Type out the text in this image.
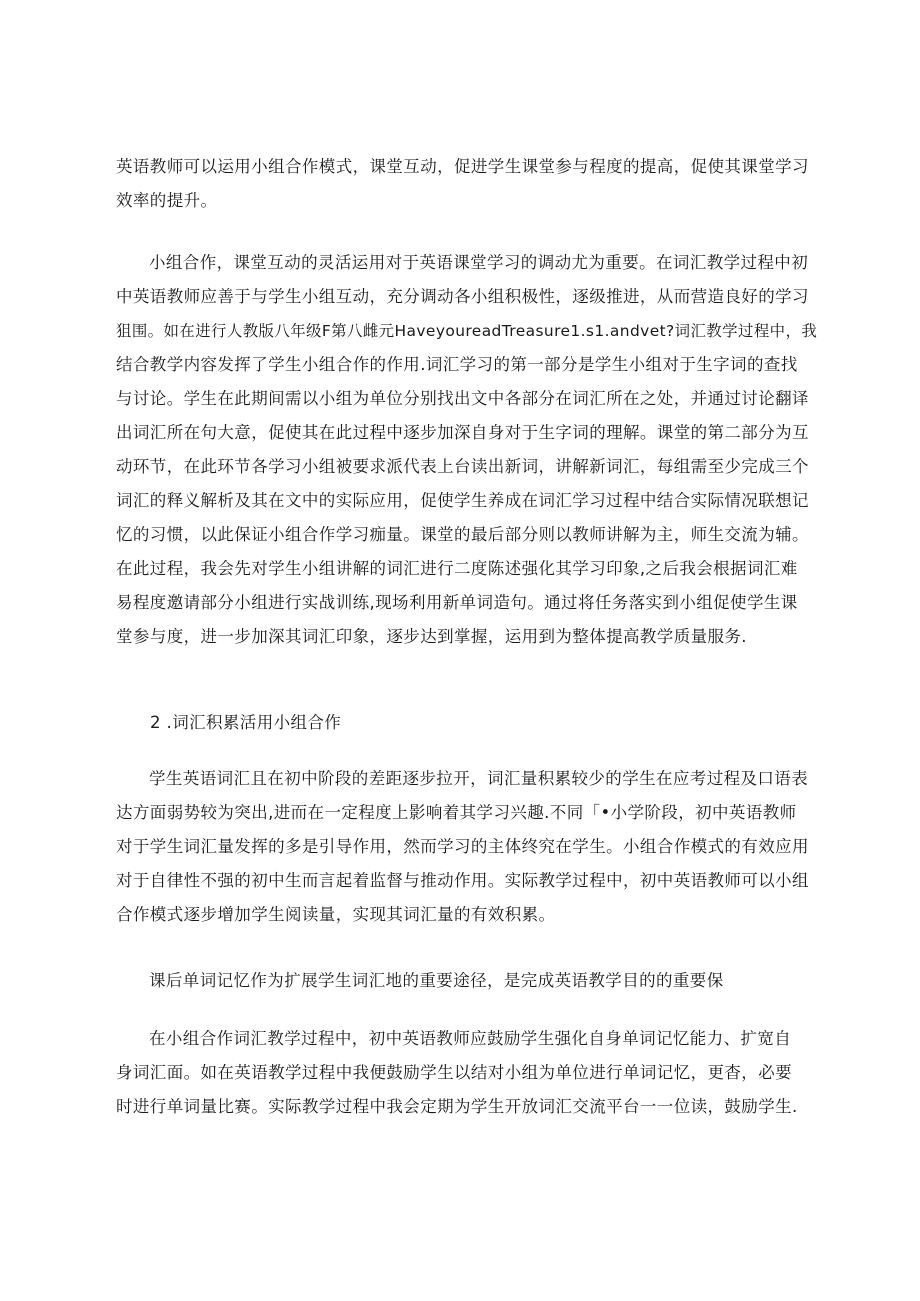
英语教师可以运用小组合作模式，课堂互动，促进学生课堂参与程度的提高，促使其课堂学习
效率的提升。

小组合作，课堂互动的灵活运用对于英语课堂学习的调动尤为重要。在词汇教学过程中初
中英语教师应善于与学生小组互动，充分调动各小组积极性，逐级推进，从而营造良好的学习
狙围。如在进行人教版八年级F第八雌元HaveyoureadTreasure1.s1.andvet?词汇教学过程中，我
结合教学内容发挥了学生小组合作的作用.词汇学习的第一部分是学生小组对于生字词的查找
与讨论。学生在此期间需以小组为单位分别找出文中各部分在词汇所在之处，并通过讨论翻译
出词汇所在句大意，促使其在此过程中逐步加深自身对于生字词的理解。课堂的第二部分为互
动环节，在此环节各学习小组被要求派代表上台读出新词，讲解新词汇，每组需至少完成三个
词汇的释义解析及其在文中的实际应用，促使学生养成在词汇学习过程中结合实际情况联想记
忆的习惯，以此保证小组合作学习痂量。课堂的最后部分则以教师讲解为主，师生交流为辅。
在此过程，我会先对学生小组讲解的词汇进行二度陈述强化其学习印象,之后我会根据词汇难
易程度邀请部分小组进行实战训练,现场利用新单词造句。通过将任务落实到小组促使学生课
堂参与度，进一步加深其词汇印象，逐步达到掌握，运用到为整体提高教学质量服务.

2 .词汇积累活用小组合作

学生英语词汇且在初中阶段的差距逐步拉开，词汇量积累较少的学生在应考过程及口语表
达方面弱势较为突出,进而在一定程度上影响着其学习兴趣.不同「•小学阶段，初中英语教师
对于学生词汇量发挥的多是引导作用，然而学习的主体终究在学生。小组合作模式的有效应用
对于自律性不强的初中生而言起着监督与推动作用。实际教学过程中，初中英语教师可以小组
合作模式逐步增加学生阅读量，实现其词汇量的有效积累。

课后单词记忆作为扩展学生词汇地的重要途径，是完成英语教学目的的重要保

在小组合作词汇教学过程中，初中英语教师应鼓励学生强化自身单词记忆能力、扩宽自
身词汇面。如在英语教学过程中我便鼓励学生以结对小组为单位进行单词记忆，更杳，必要
时进行单词量比赛。实际教学过程中我会定期为学生开放词汇交流平台一一位读，鼓励学生.
